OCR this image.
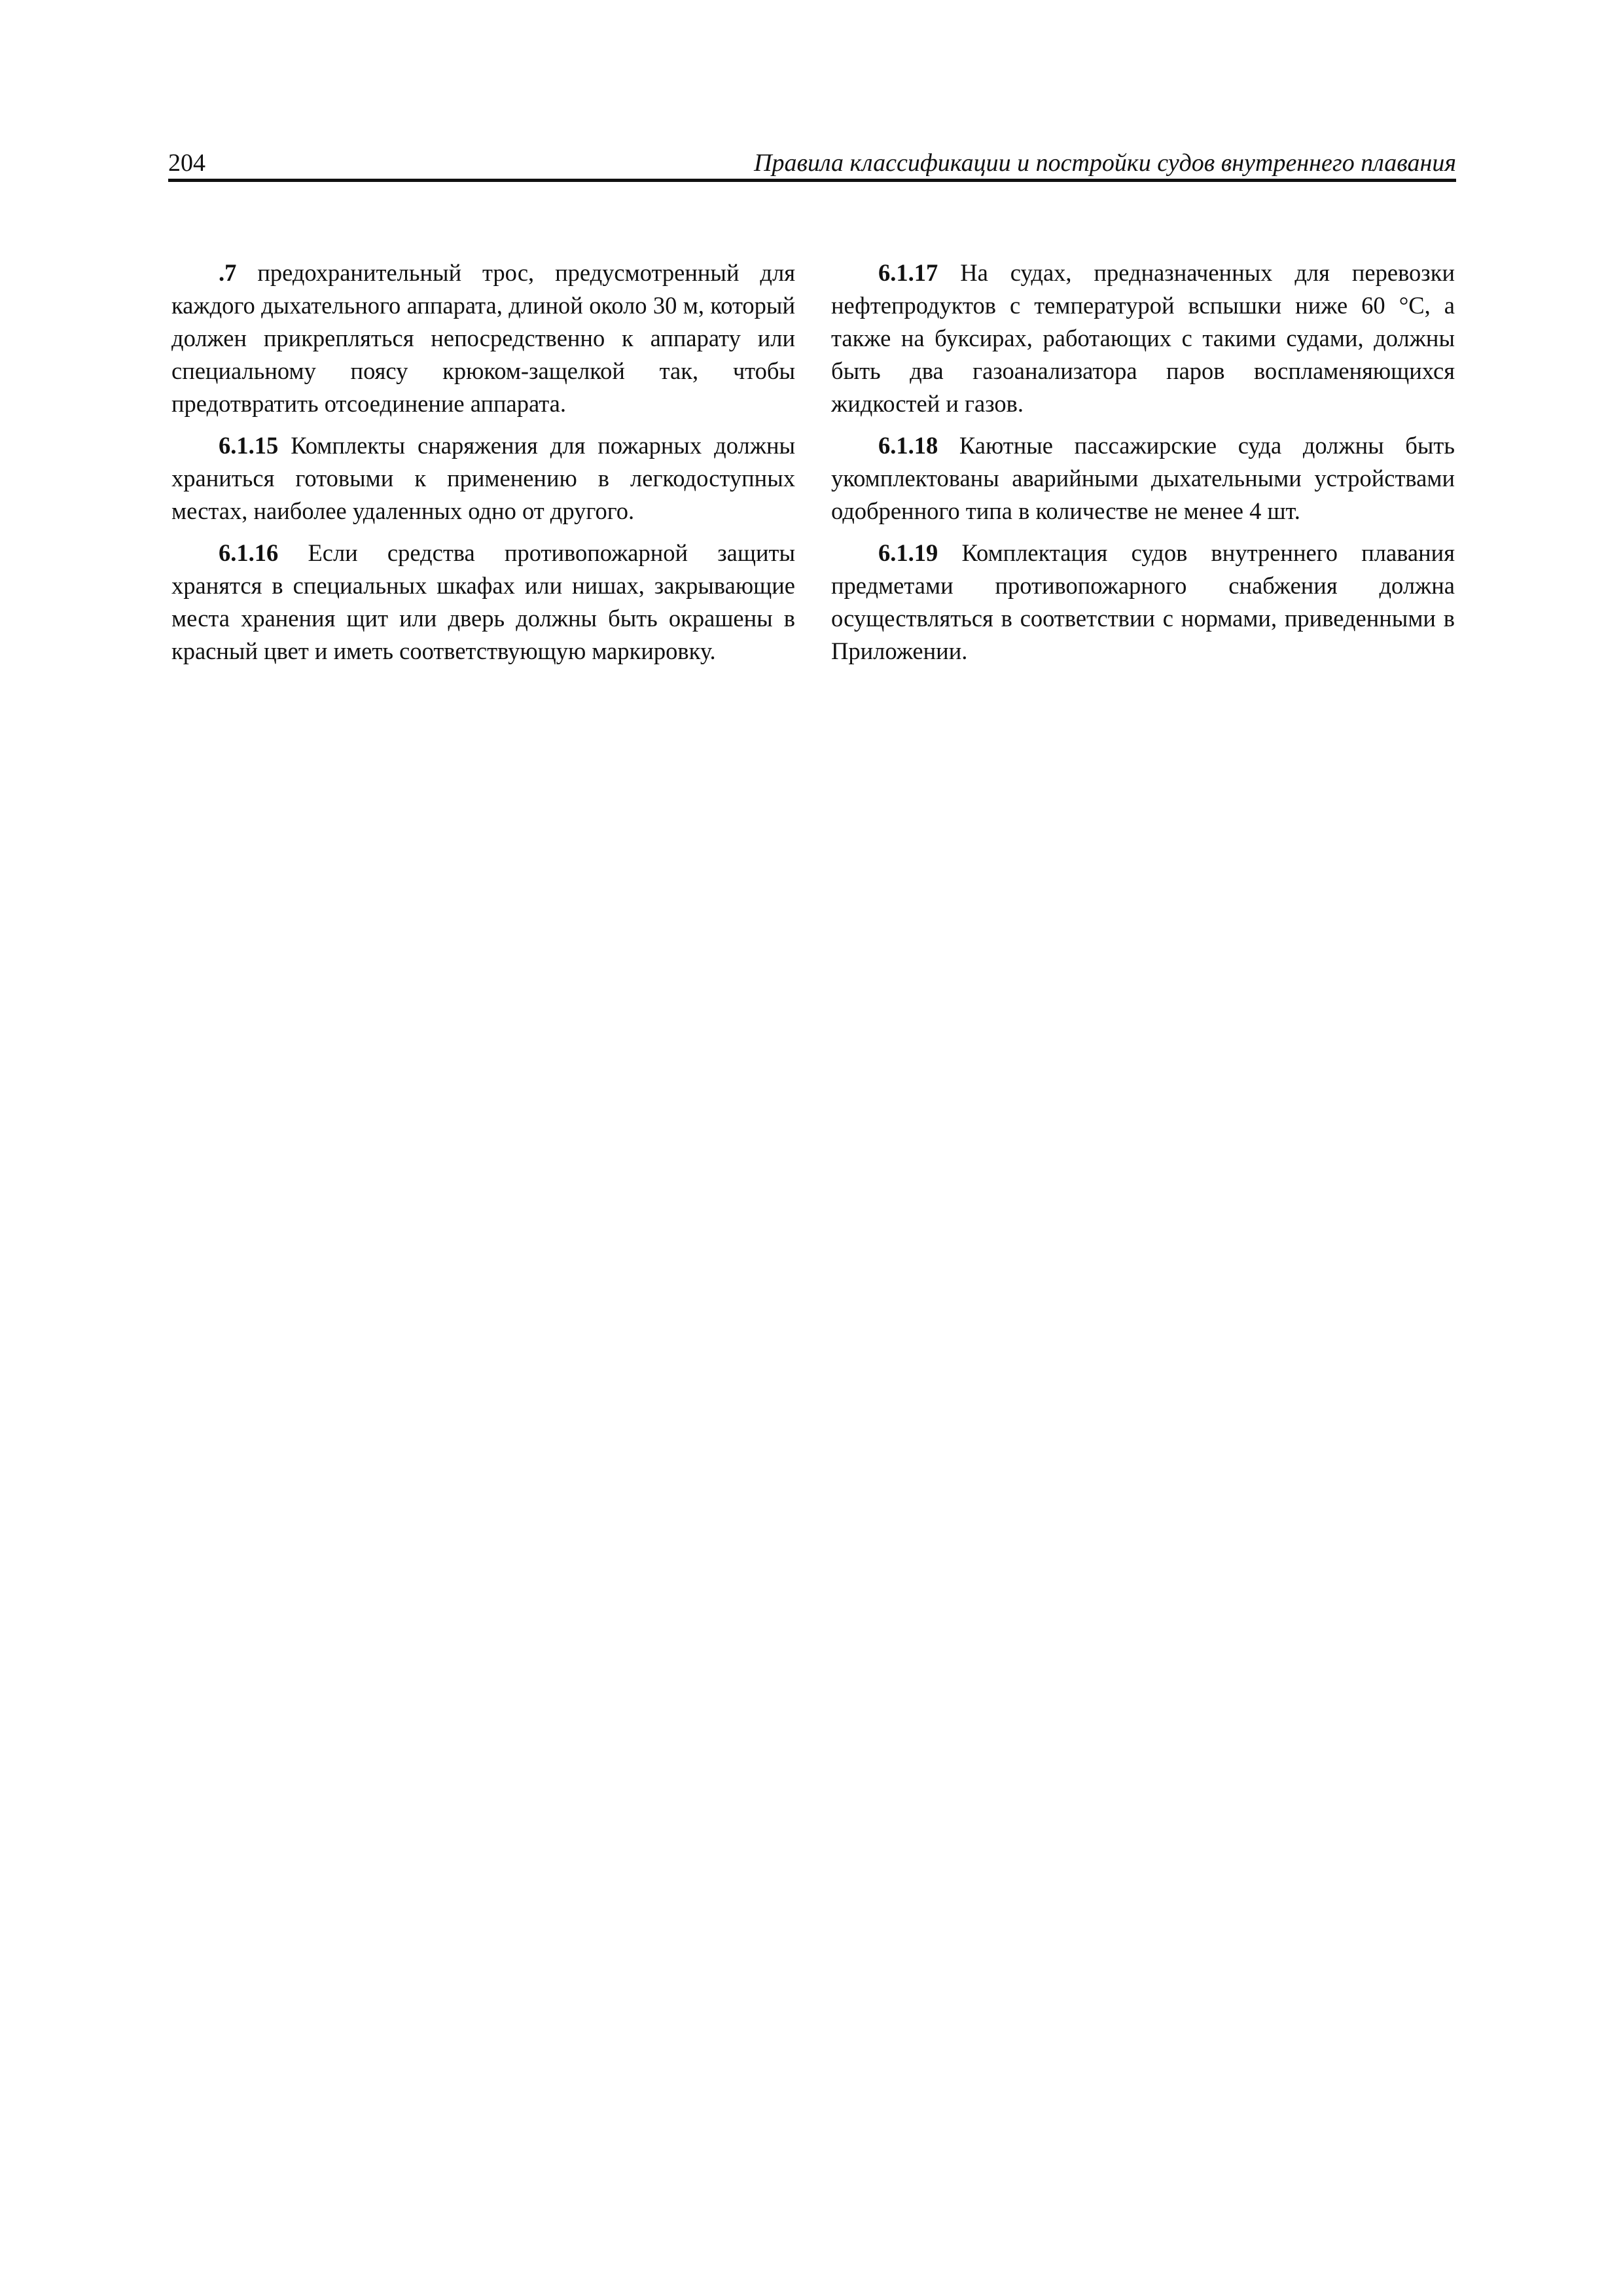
204	Правила классификации и постройки судов внутреннего плавания

.7 предохранительный трос, предусмотренный для каждого дыхательного аппарата, длиной около 30 м, который должен прикрепляться непосредственно к аппарату или специальному поясу крюком-защелкой так, чтобы предотвратить отсоединение аппарата.

6.1.15 Комплекты снаряжения для пожарных должны храниться готовыми к применению в легкодоступных местах, наиболее удаленных одно от другого.

6.1.16 Если средства противопожарной защиты хранятся в специальных шкафах или нишах, закрывающие места хранения щит или дверь должны быть окрашены в красный цвет и иметь соответствующую маркировку.

6.1.17 На судах, предназначенных для перевозки нефтепродуктов с температурой вспышки ниже 60 °С, а также на буксирах, работающих с такими судами, должны быть два газоанализатора паров воспламеняющихся жидкостей и газов.

6.1.18 Каютные пассажирские суда должны быть укомплектованы аварийными дыхательными устройствами одобренного типа в количестве не менее 4 шт.

6.1.19 Комплектация судов внутреннего плавания предметами противопожарного снабжения должна осуществляться в соответствии с нормами, приведенными в Приложении.
